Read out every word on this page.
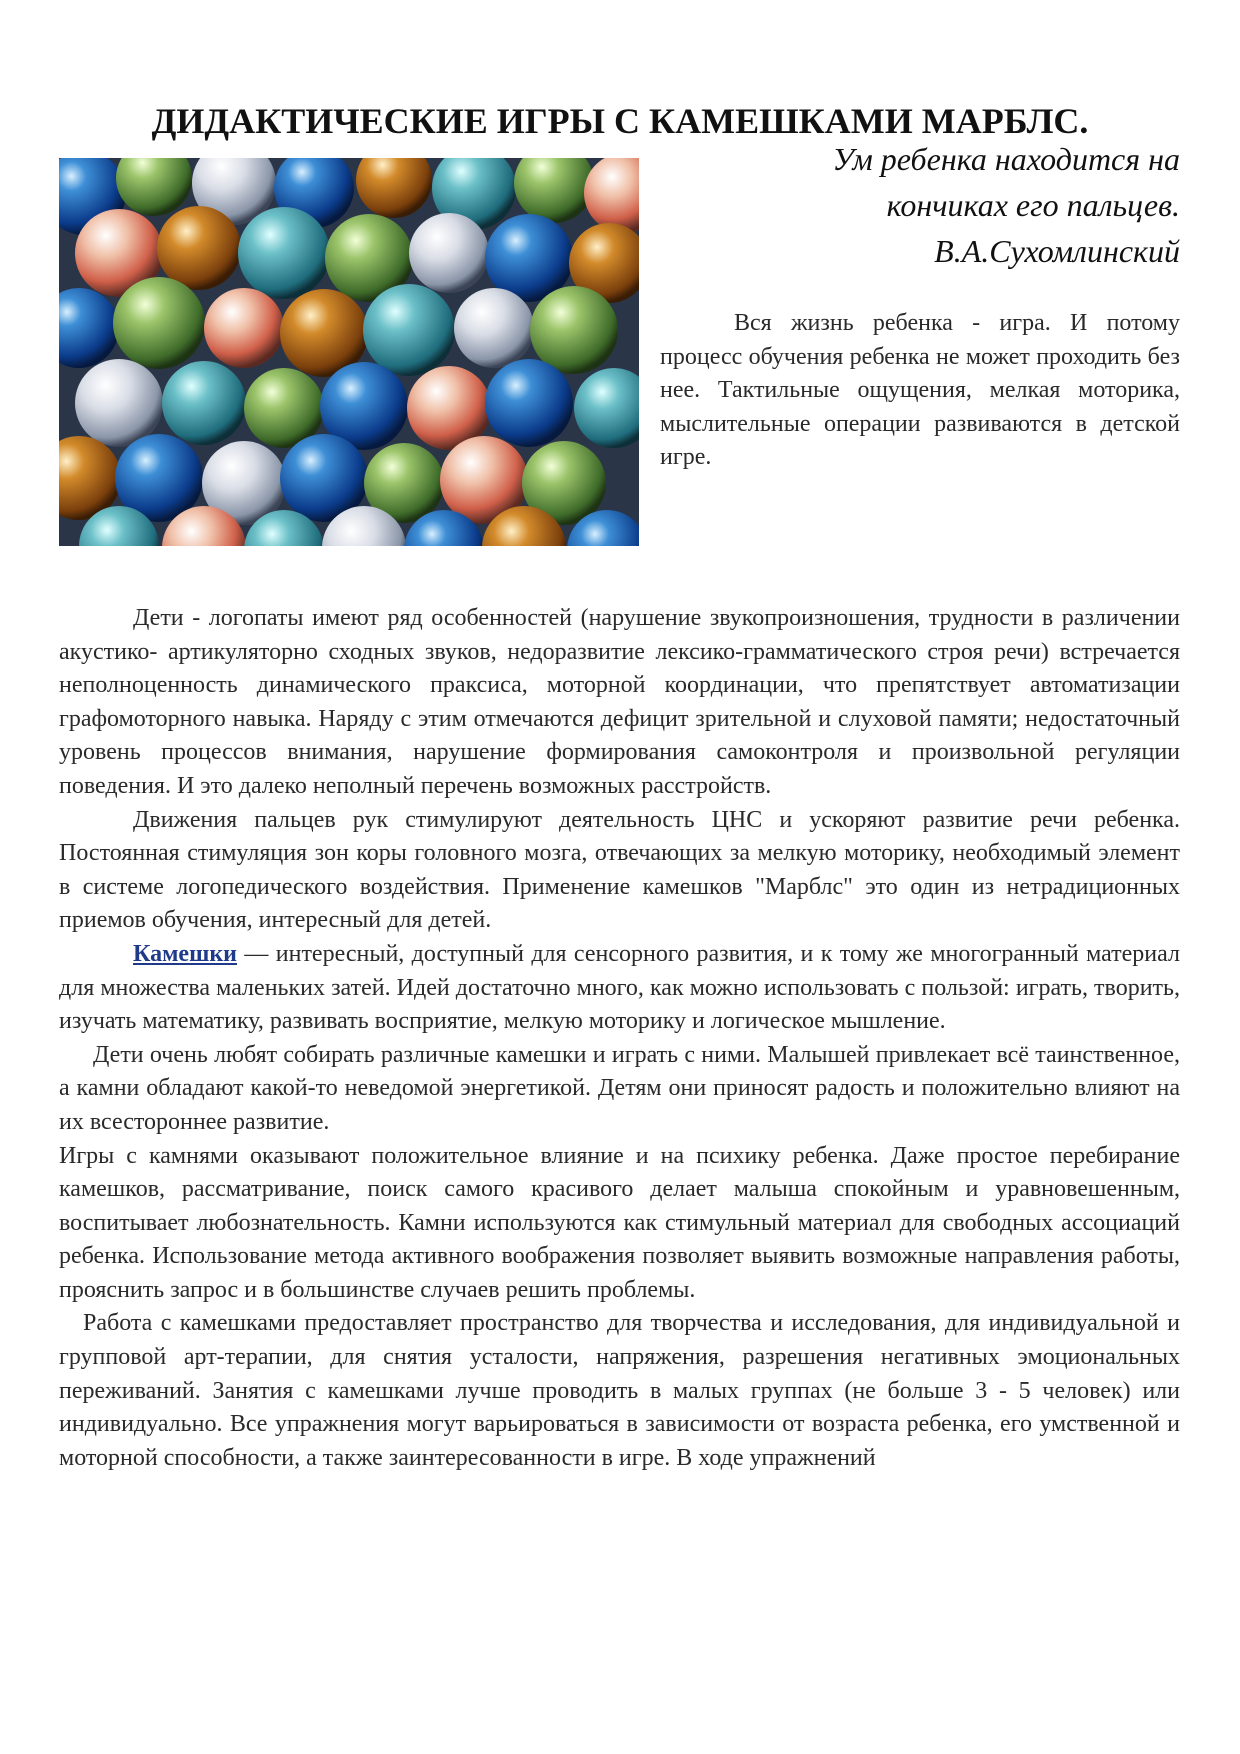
ДИДАКТИЧЕСКИЕ ИГРЫ С КАМЕШКАМИ МАРБЛС.
Ум ребенка находится на
кончиках его пальцев.
В.А.Сухомлинский

Вся жизнь ребенка - игра. И потому процесс обучения ребенка не может проходить без нее. Тактильные ощущения, мелкая моторика, мыслительные операции развиваются в детской игре.

Дети - логопаты имеют ряд особенностей (нарушение звукопроизношения, трудности в различении акустико- артикуляторно сходных звуков, недоразвитие лексико-грамматического строя речи) встречается неполноценность динамического праксиса, моторной координации, что препятствует автоматизации графомоторного навыка. Наряду с этим отмечаются дефицит зрительной и слуховой памяти; недостаточный уровень процессов внимания, нарушение формирования самоконтроля и произвольной регуляции поведения. И это далеко неполный перечень возможных расстройств.

Движения пальцев рук стимулируют деятельность ЦНС и ускоряют развитие речи ребенка. Постоянная стимуляция зон коры головного мозга, отвечающих за мелкую моторику, необходимый элемент в системе логопедического воздействия. Применение камешков "Марблс" это один из нетрадиционных приемов обучения, интересный для детей.

Камешки — интересный, доступный для сенсорного развития, и к тому же многогранный материал для множества маленьких затей. Идей достаточно много, как можно использовать с пользой: играть, творить, изучать математику, развивать восприятие, мелкую моторику и логическое мышление.

Дети очень любят собирать различные камешки и играть с ними. Малышей привлекает всё таинственное, а камни обладают какой-то неведомой энергетикой. Детям они приносят радость и положительно влияют на их всестороннее развитие.

Игры с камнями оказывают положительное влияние и на психику ребенка. Даже простое перебирание камешков, рассматривание, поиск самого красивого делает малыша спокойным и уравновешенным, воспитывает любознательность. Камни используются как стимульный материал для свободных ассоциаций ребенка. Использование метода активного воображения позволяет выявить возможные направления работы, прояснить запрос и в большинстве случаев решить проблемы.

Работа с камешками предоставляет пространство для творчества и исследования, для индивидуальной и групповой арт-терапии, для снятия усталости, напряжения, разрешения негативных эмоциональных переживаний. Занятия с камешками лучше проводить в малых группах (не больше 3 - 5 человек) или индивидуально. Все упражнения могут варьироваться в зависимости от возраста ребенка, его умственной и моторной способности, а также заинтересованности в игре. В ходе упражнений
